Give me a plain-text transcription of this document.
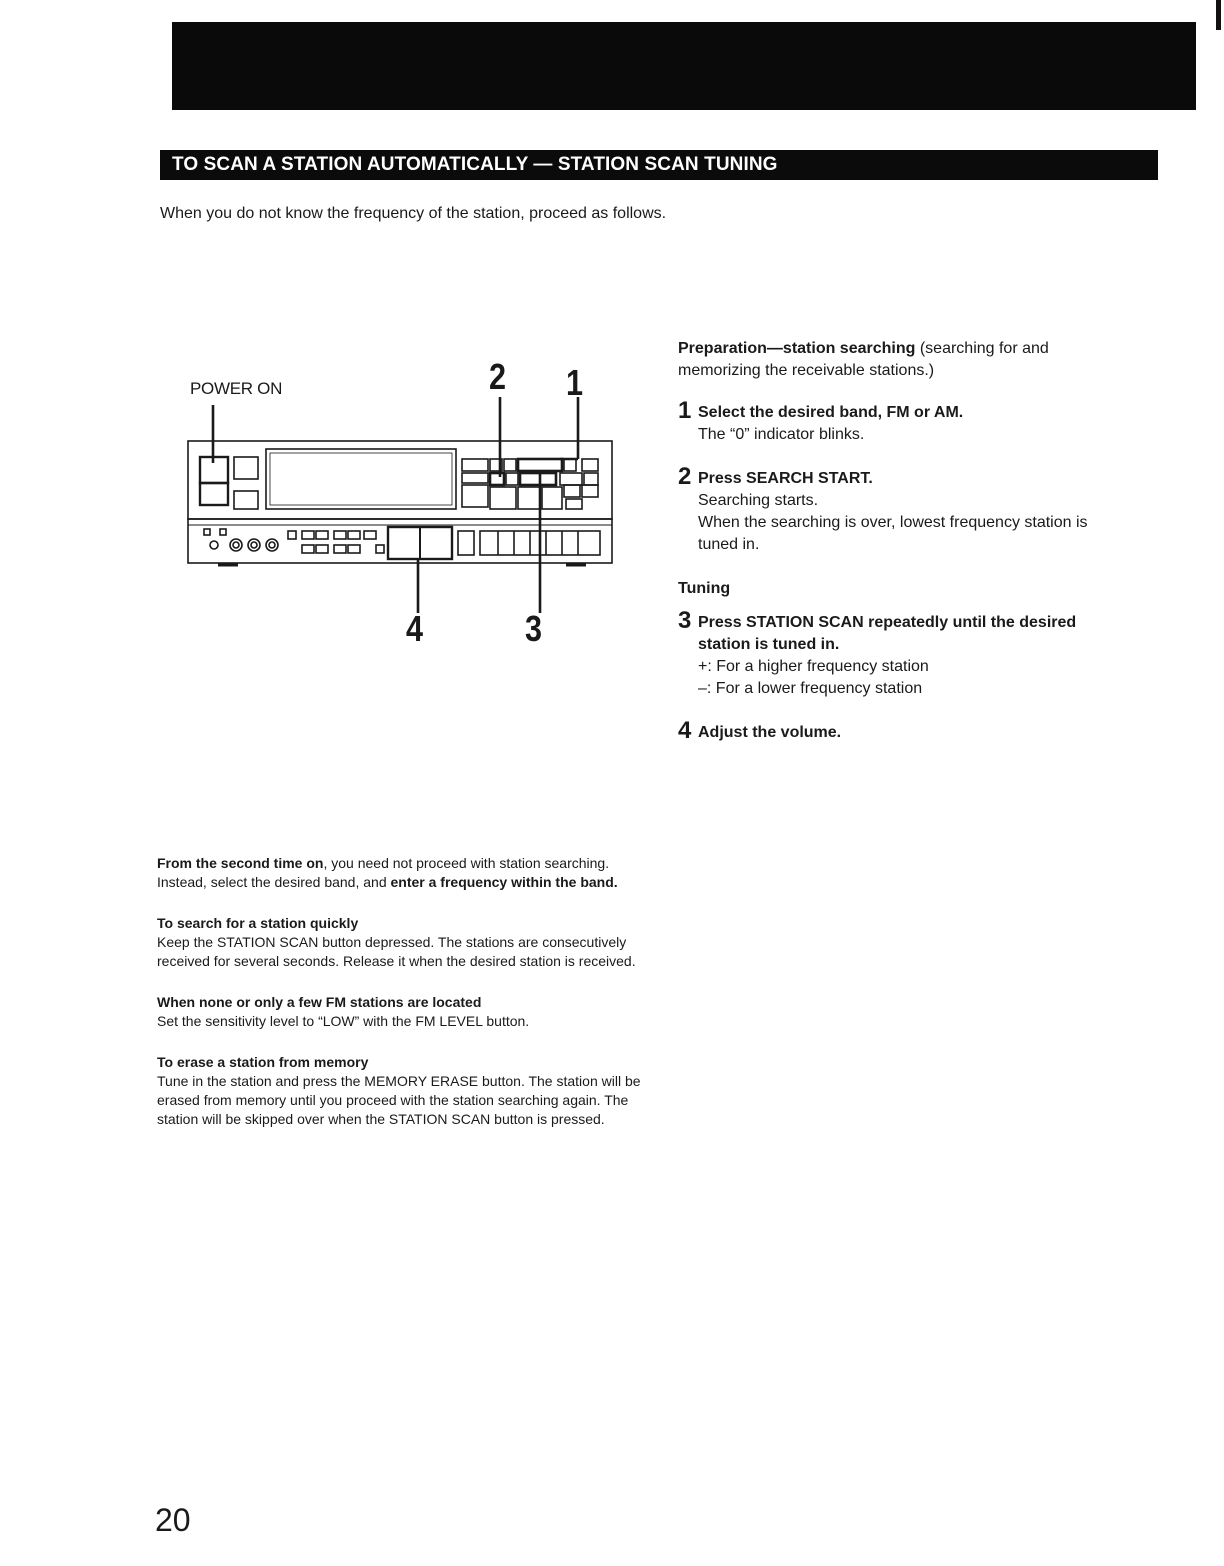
TO SCAN A STATION AUTOMATICALLY — STATION SCAN TUNING

When you do not know the frequency of the station, proceed as follows.

POWER ON	2 1
4	3

Preparation—station searching (searching for and memorizing the receivable stations.)

1 Select the desired band, FM or AM.

The “0” indicator blinks.

2 Press SEARCH START.

Searching starts.

When the searching is over, lowest frequency station is tuned in.

Tuning

3 Press STATION SCAN repeatedly until the desired station is tuned in.

+: For a higher frequency station

–: For a lower frequency station

4 Adjust the volume.

From the second time on, you need not proceed with station searching. Instead, select the desired band, and enter a frequency within the band.

To search for a station quickly

Keep the STATION SCAN button depressed. The stations are consecutively received for several seconds. Release it when the desired station is received.

When none or only a few FM stations are located

Set the sensitivity level to “LOW” with the FM LEVEL button.

To erase a station from memory

Tune in the station and press the MEMORY ERASE button. The station will be erased from memory until you proceed with the station searching again. The station will be skipped over when the STATION SCAN button is pressed.

20
